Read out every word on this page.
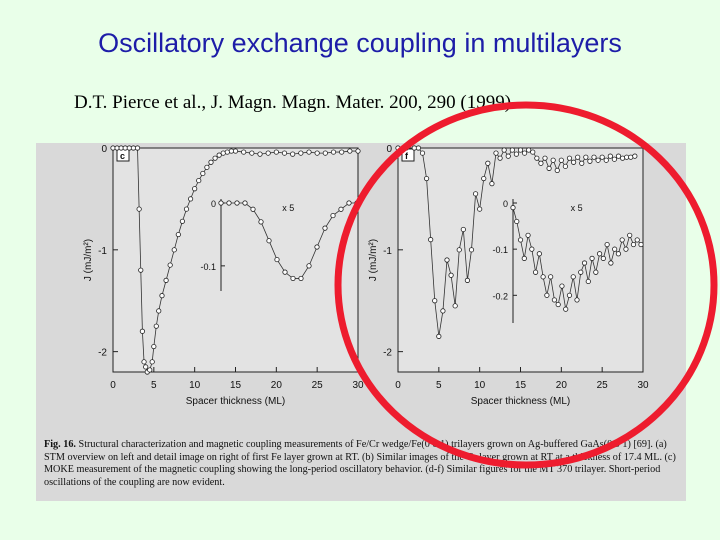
Oscillatory exchange coupling in multilayers
D.T. Pierce et al., J. Magn. Magn. Mater. 200, 290 (1999).
c
0	5	10	15	20	25	30
0
-1
-2
Spacer thickness (ML)
J (mJ/m²)
0
-0.1
x 5
f
0	5	10	15	20	25	30
0
-1
-2
Spacer thickness (ML)
J (mJ/m²)
0
-0.1
-0.2
x 5
Fig. 16. Structural characterization and magnetic coupling measurements of Fe/Cr wedge/Fe(0 0 1) trilayers grown on Ag-buffered GaAs(0 0 1) [69]. (a) STM overview on left and detail image on right of first Fe layer grown at RT. (b) Similar images of the Cr layer grown at RT at a thickness of 17.4 ML. (c) MOKE measurement of the magnetic coupling showing the long-period oscillatory behavior. (d-f) Similar figures for the MT 370 trilayer. Short-period oscillations of the coupling are now evident.
